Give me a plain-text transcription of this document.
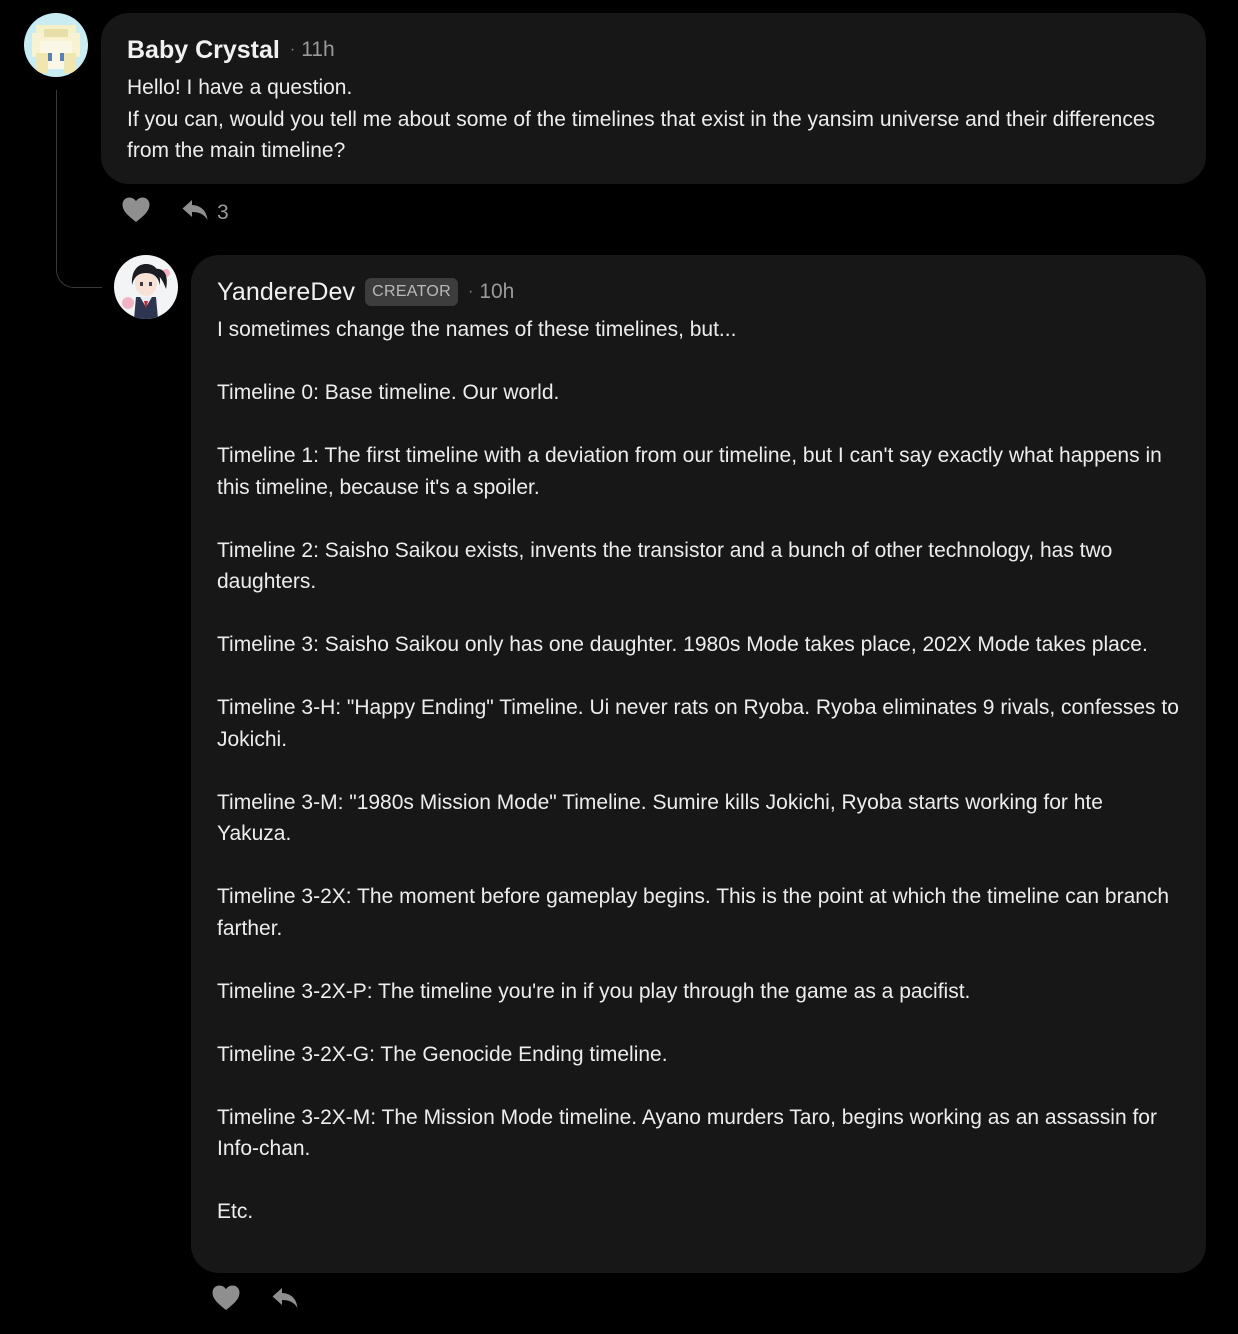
Baby Crystal · 11h
Hello! I have a question.
If you can, would you tell me about some of the timelines that exist in the yansim universe and their differences from the main timeline?
3
YandereDev	CREATOR	· 10h
I sometimes change the names of these timelines, but...

Timeline 0: Base timeline. Our world.

Timeline 1: The first timeline with a deviation from our timeline, but I can't say exactly what happens in this timeline, because it's a spoiler.

Timeline 2: Saisho Saikou exists, invents the transistor and a bunch of other technology, has two daughters.

Timeline 3: Saisho Saikou only has one daughter. 1980s Mode takes place, 202X Mode takes place.

Timeline 3-H: "Happy Ending" Timeline. Ui never rats on Ryoba. Ryoba eliminates 9 rivals, confesses to Jokichi.

Timeline 3-M: "1980s Mission Mode" Timeline. Sumire kills Jokichi, Ryoba starts working for hte Yakuza.

Timeline 3-2X: The moment before gameplay begins. This is the point at which the timeline can branch farther.

Timeline 3-2X-P: The timeline you're in if you play through the game as a pacifist.

Timeline 3-2X-G: The Genocide Ending timeline.

Timeline 3-2X-M: The Mission Mode timeline. Ayano murders Taro, begins working as an assassin for Info-chan.

Etc.
